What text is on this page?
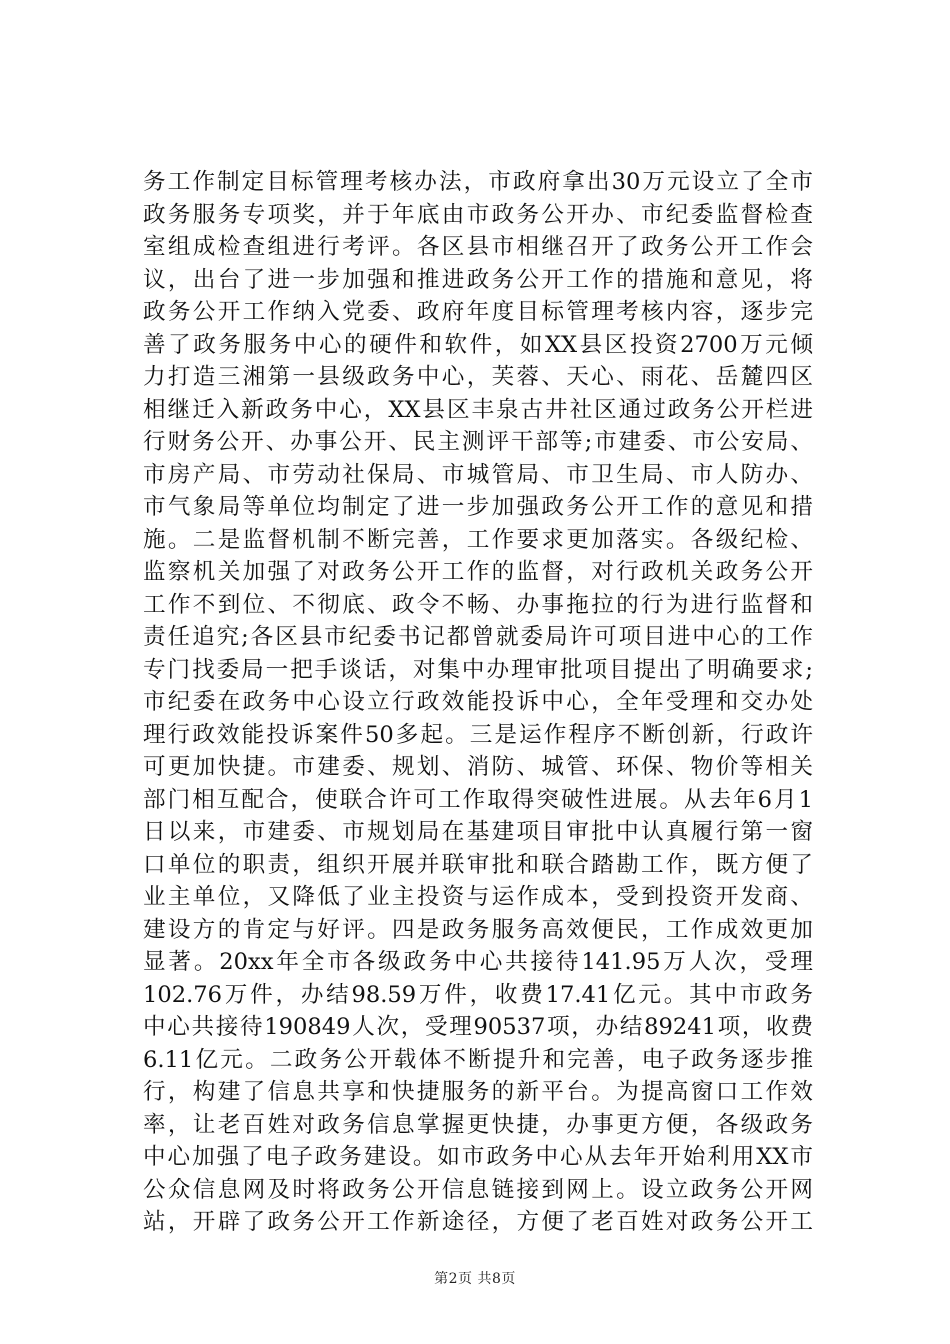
务工作制定目标管理考核办法，市政府拿出30万元设立了全市
政务服务专项奖，并于年底由市政务公开办、市纪委监督检查
室组成检查组进行考评。各区县市相继召开了政务公开工作会
议，出台了进一步加强和推进政务公开工作的措施和意见，将
政务公开工作纳入党委、政府年度目标管理考核内容，逐步完
善了政务服务中心的硬件和软件，如XX县区投资2700万元倾
力打造三湘第一县级政务中心，芙蓉、天心、雨花、岳麓四区
相继迁入新政务中心，XX县区丰泉古井社区通过政务公开栏进
行财务公开、办事公开、民主测评干部等;市建委、市公安局、
市房产局、市劳动社保局、市城管局、市卫生局、市人防办、
市气象局等单位均制定了进一步加强政务公开工作的意见和措
施。二是监督机制不断完善，工作要求更加落实。各级纪检、
监察机关加强了对政务公开工作的监督，对行政机关政务公开
工作不到位、不彻底、政令不畅、办事拖拉的行为进行监督和
责任追究;各区县市纪委书记都曾就委局许可项目进中心的工作
专门找委局一把手谈话，对集中办理审批项目提出了明确要求;
市纪委在政务中心设立行政效能投诉中心，全年受理和交办处
理行政效能投诉案件50多起。三是运作程序不断创新，行政许
可更加快捷。市建委、规划、消防、城管、环保、物价等相关
部门相互配合，使联合许可工作取得突破性进展。从去年6月1
日以来，市建委、市规划局在基建项目审批中认真履行第一窗
口单位的职责，组织开展并联审批和联合踏勘工作，既方便了
业主单位，又降低了业主投资与运作成本，受到投资开发商、
建设方的肯定与好评。四是政务服务高效便民，工作成效更加
显著。20xx年全市各级政务中心共接待141.95万人次，受理
102.76万件，办结98.59万件，收费17.41亿元。其中市政务
中心共接待190849人次，受理90537项，办结89241项，收费
6.11亿元。二政务公开载体不断提升和完善，电子政务逐步推
行，构建了信息共享和快捷服务的新平台。为提高窗口工作效
率，让老百姓对政务信息掌握更快捷，办事更方便，各级政务
中心加强了电子政务建设。如市政务中心从去年开始利用XX市
公众信息网及时将政务公开信息链接到网上。设立政务公开网
站，开辟了政务公开工作新途径，方便了老百姓对政务公开工
第2页 共8页
